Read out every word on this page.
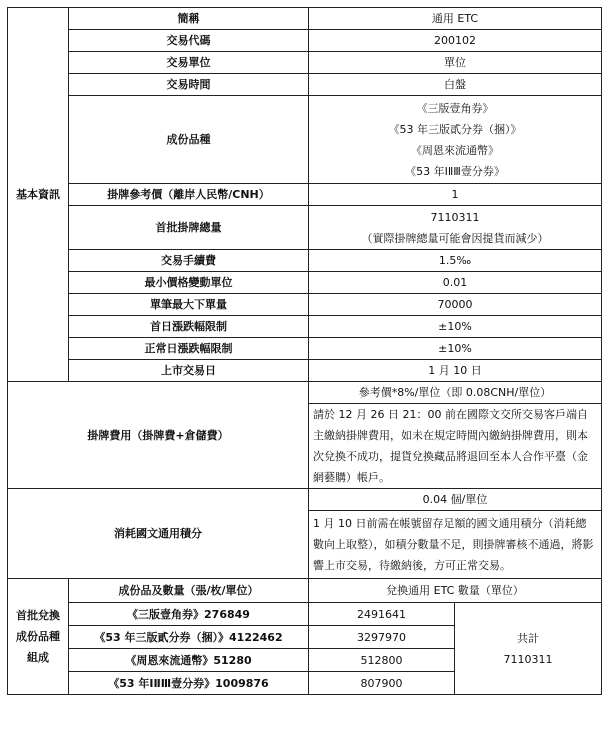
基本資訊	簡稱	通用 ETC	

	交易代碼	200102	

	交易單位	單位	

	交易時間	白盤	

	成份品種	《三版壹角券》
《53 年三版貳分券（捆）》
《周恩來流通幣》
《53 年ⅠⅡⅢ壹分券》	

	掛牌參考價（離岸人民幣/CNH）	1	

	首批掛牌總量	7110311
（實際掛牌總量可能會因提貨而減少）	

	交易手續費	1.5‰	

	最小價格變動單位	0.01	

	單筆最大下單量	70000	

	首日漲跌幅限制	±10%	

	正常日漲跌幅限制	±10%	

	上市交易日	1 月 10 日	

掛牌費用（掛牌費+倉儲費）		參考價*8%/單位（即 0.08CNH/單位）	
		請於 12 月 26 日 21：00 前在國際文交所交易客戶端自主繳納掛牌費用，如未在規定時間內繳納掛牌費用，則本次兌換不成功，提貨兌換藏品將退回至本人合作平臺（金網藝購）帳戶。	
消耗國文通用積分		0.04 個/單位	
		1 月 10 日前需在帳號留存足額的國文通用積分（消耗總數向上取整），如積分數量不足，則掛牌審核不通過，將影響上市交易，待繳納後，方可正常交易。	

首批兌換
成份品種
組成	成份品及數量（張/枚/單位）	兌換通用 ETC 數量（單位）	
	《三版壹角券》276849	2491641	共計
7110311

	《53 年三版貳分券（捆）》4122462	3297970	
	《周恩來流通幣》51280	512800	
	《53 年ⅠⅡⅢ壹分券》1009876	807900	
